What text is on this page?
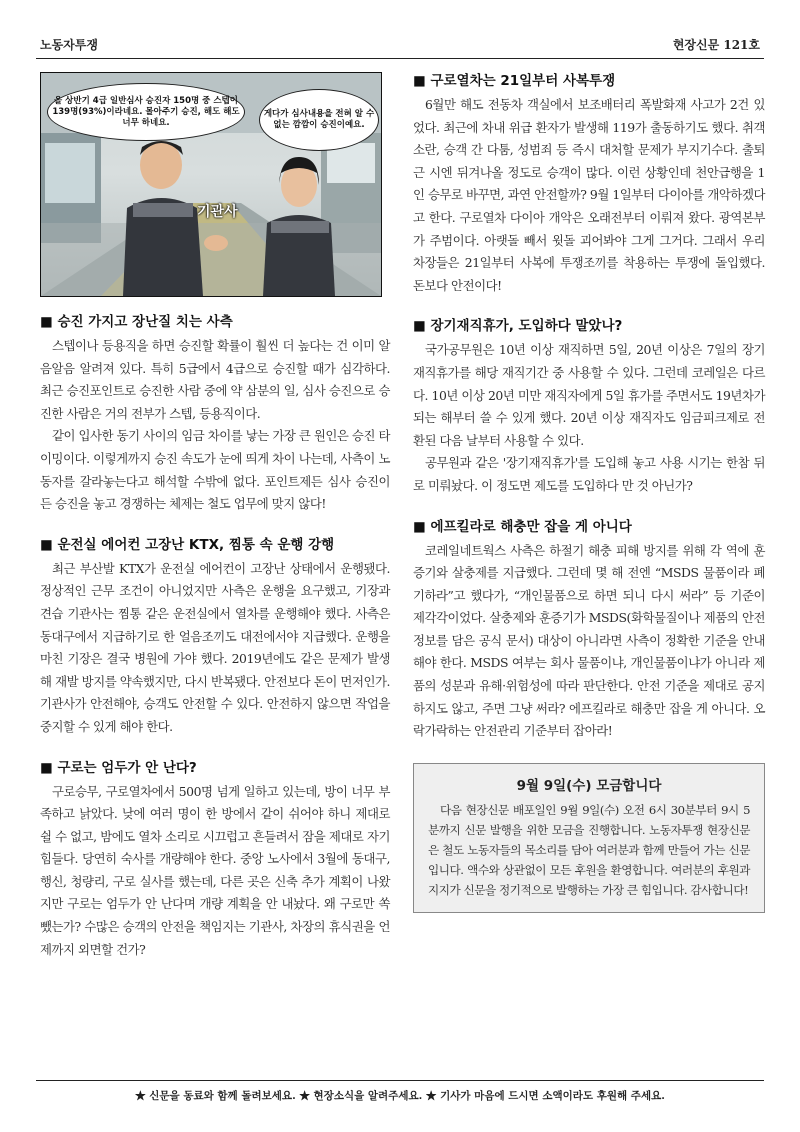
노동자투쟁	현장신문 121호
올 상반기 4급 일반심사 승진자 150명 중 스텝이 139명(93%)이라네요. 몰아주기 승진, 해도 해도 너무 하네요.
게다가 심사내용을 전혀 알 수 없는 깜깜이 승진이예요.
기관사
■ 승진 가지고 장난질 치는 사측

스텝이나 등용직을 하면 승진할 확률이 훨씬 더 높다는 건 이미 알음알음 알려져 있다. 특히 5급에서 4급으로 승진할 때가 심각하다. 최근 승진포인트로 승진한 사람 중에 약 삼분의 일, 심사 승진으로 승진한 사람은 거의 전부가 스텝, 등용직이다.

같이 입사한 동기 사이의 임금 차이를 낳는 가장 큰 원인은 승진 타이밍이다. 이렇게까지 승진 속도가 눈에 띄게 차이 나는데, 사측이 노동자를 갈라놓는다고 해석할 수밖에 없다. 포인트제든 심사 승진이든 승진을 놓고 경쟁하는 체제는 철도 업무에 맞지 않다!

■ 운전실 에어컨 고장난 KTX, 찜통 속 운행 강행

최근 부산발 KTX가 운전실 에어컨이 고장난 상태에서 운행됐다. 정상적인 근무 조건이 아니었지만 사측은 운행을 요구했고, 기장과 견습 기관사는 찜통 같은 운전실에서 열차를 운행해야 했다. 사측은 동대구에서 지급하기로 한 얼음조끼도 대전에서야 지급했다. 운행을 마친 기장은 결국 병원에 가야 했다. 2019년에도 같은 문제가 발생해 재발 방지를 약속했지만, 다시 반복됐다. 안전보다 돈이 먼저인가. 기관사가 안전해야, 승객도 안전할 수 있다. 안전하지 않으면 작업을 중지할 수 있게 해야 한다.

■ 구로는 엄두가 안 난다?

구로승무, 구로열차에서 500명 넘게 일하고 있는데, 방이 너무 부족하고 낡았다. 낮에 여러 명이 한 방에서 같이 쉬어야 하니 제대로 쉴 수 없고, 밤에도 열차 소리로 시끄럽고 흔들려서 잠을 제대로 자기 힘들다. 당연히 숙사를 개량해야 한다. 중앙 노사에서 3월에 동대구, 행신, 청량리, 구로 실사를 했는데, 다른 곳은 신축 추가 계획이 나왔지만 구로는 엄두가 안 난다며 개량 계획을 안 내놨다. 왜 구로만 쏙 뺐는가? 수많은 승객의 안전을 책임지는 기관사, 차장의 휴식권을 언제까지 외면할 건가?

■ 구로열차는 21일부터 사복투쟁

6월만 해도 전동차 객실에서 보조배터리 폭발화재 사고가 2건 있었다. 최근에 차내 위급 환자가 발생해 119가 출동하기도 했다. 취객 소란, 승객 간 다툼, 성범죄 등 즉시 대처할 문제가 부지기수다. 출퇴근 시엔 뒤겨나올 정도로 승객이 많다. 이런 상황인데 천안급행을 1인 승무로 바꾸면, 과연 안전할까? 9월 1일부터 다이아를 개악하겠다고 한다. 구로열차 다이아 개악은 오래전부터 이뤄져 왔다. 광역본부가 주범이다. 아랫돌 빼서 윗돌 괴어봐야 그게 그거다. 그래서 우리 차장들은 21일부터 사복에 투쟁조끼를 착용하는 투쟁에 돌입했다. 돈보다 안전이다!

■ 장기재직휴가, 도입하다 말았나?

국가공무원은 10년 이상 재직하면 5일, 20년 이상은 7일의 장기재직휴가를 해당 재직기간 중 사용할 수 있다. 그런데 코레일은 다르다. 10년 이상 20년 미만 재직자에게 5일 휴가를 주면서도 19년차가 되는 해부터 쓸 수 있게 했다. 20년 이상 재직자도 임금피크제로 전환된 다음 날부터 사용할 수 있다.

공무원과 같은 '장기재직휴가'를 도입해 놓고 사용 시기는 한참 뒤로 미뤄놨다. 이 정도면 제도를 도입하다 만 것 아닌가?

■ 에프킬라로 해충만 잡을 게 아니다

코레일네트웍스 사측은 하절기 해충 피해 방지를 위해 각 역에 훈증기와 살충제를 지급했다. 그런데 몇 해 전엔 “MSDS 물품이라 폐기하라”고 했다가, “개인물품으로 하면 되니 다시 써라” 등 기준이 제각각이었다. 살충제와 훈증기가 MSDS(화학물질이나 제품의 안전 정보를 담은 공식 문서) 대상이 아니라면 사측이 정확한 기준을 안내해야 한다. MSDS 여부는 회사 물품이냐, 개인물품이냐가 아니라 제품의 성분과 유해·위험성에 따라 판단한다. 안전 기준을 제대로 공지하지도 않고, 주면 그냥 써라? 에프킬라로 해충만 잡을 게 아니다. 오락가락하는 안전관리 기준부터 잡아라!

9월 9일(수) 모금합니다

다음 현장신문 배포일인 9월 9일(수) 오전 6시 30분부터 9시 5분까지 신문 발행을 위한 모금을 진행합니다. 노동자투쟁 현장신문은 철도 노동자들의 목소리를 담아 여러분과 함께 만들어 가는 신문입니다. 액수와 상관없이 모든 후원을 환영합니다. 여러분의 후원과 지지가 신문을 정기적으로 발행하는 가장 큰 힘입니다. 감사합니다!

★ 신문을 동료와 함께 돌려보세요. ★ 현장소식을 알려주세요. ★ 기사가 마음에 드시면 소액이라도 후원해 주세요.
